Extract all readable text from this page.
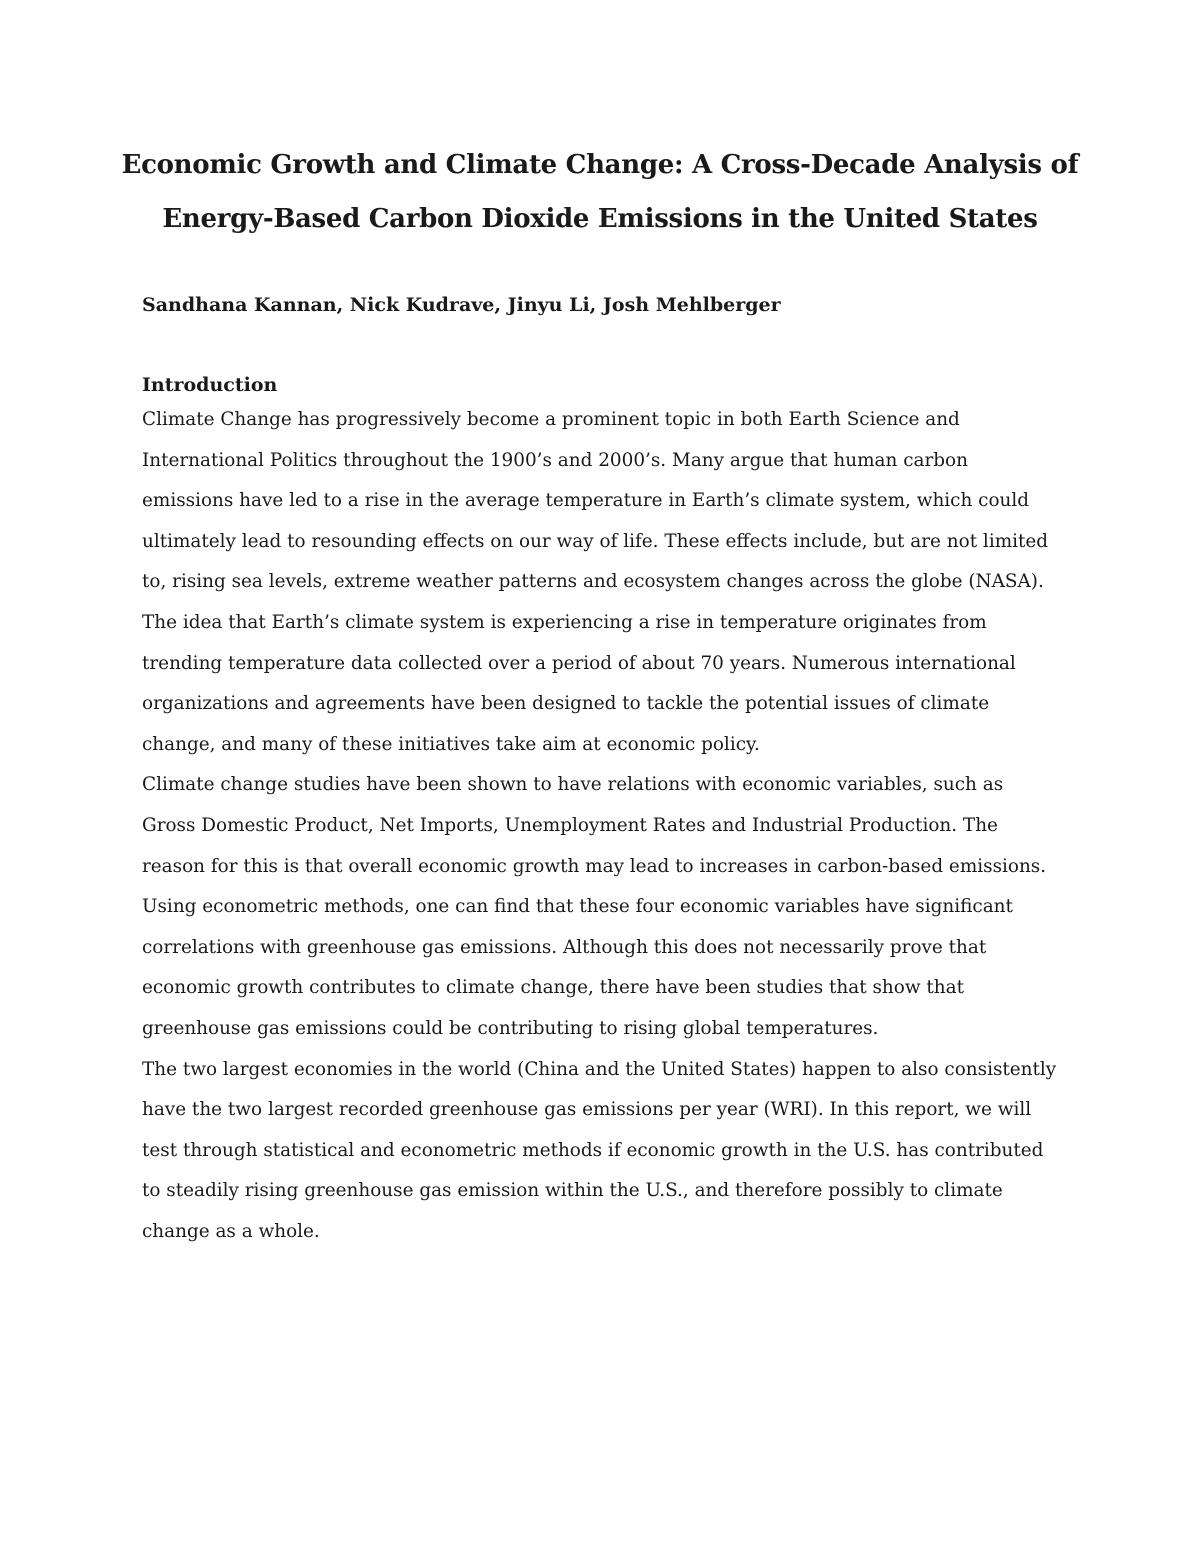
Economic Growth and Climate Change: A Cross-Decade Analysis of
Energy-Based Carbon Dioxide Emissions in the United States

Sandhana Kannan, Nick Kudrave, Jinyu Li, Josh Mehlberger

Introduction

Climate Change has progressively become a prominent topic in both Earth Science and
International Politics throughout the 1900’s and 2000’s. Many argue that human carbon
emissions have led to a rise in the average temperature in Earth’s climate system, which could
ultimately lead to resounding effects on our way of life. These effects include, but are not limited
to, rising sea levels, extreme weather patterns and ecosystem changes across the globe (NASA).
The idea that Earth’s climate system is experiencing a rise in temperature originates from
trending temperature data collected over a period of about 70 years. Numerous international
organizations and agreements have been designed to tackle the potential issues of climate
change, and many of these initiatives take aim at economic policy.

Climate change studies have been shown to have relations with economic variables, such as
Gross Domestic Product, Net Imports, Unemployment Rates and Industrial Production. The
reason for this is that overall economic growth may lead to increases in carbon-based emissions.
Using econometric methods, one can find that these four economic variables have significant
correlations with greenhouse gas emissions. Although this does not necessarily prove that
economic growth contributes to climate change, there have been studies that show that
greenhouse gas emissions could be contributing to rising global temperatures.

The two largest economies in the world (China and the United States) happen to also consistently
have the two largest recorded greenhouse gas emissions per year (WRI). In this report, we will
test through statistical and econometric methods if economic growth in the U.S. has contributed
to steadily rising greenhouse gas emission within the U.S., and therefore possibly to climate
change as a whole.
